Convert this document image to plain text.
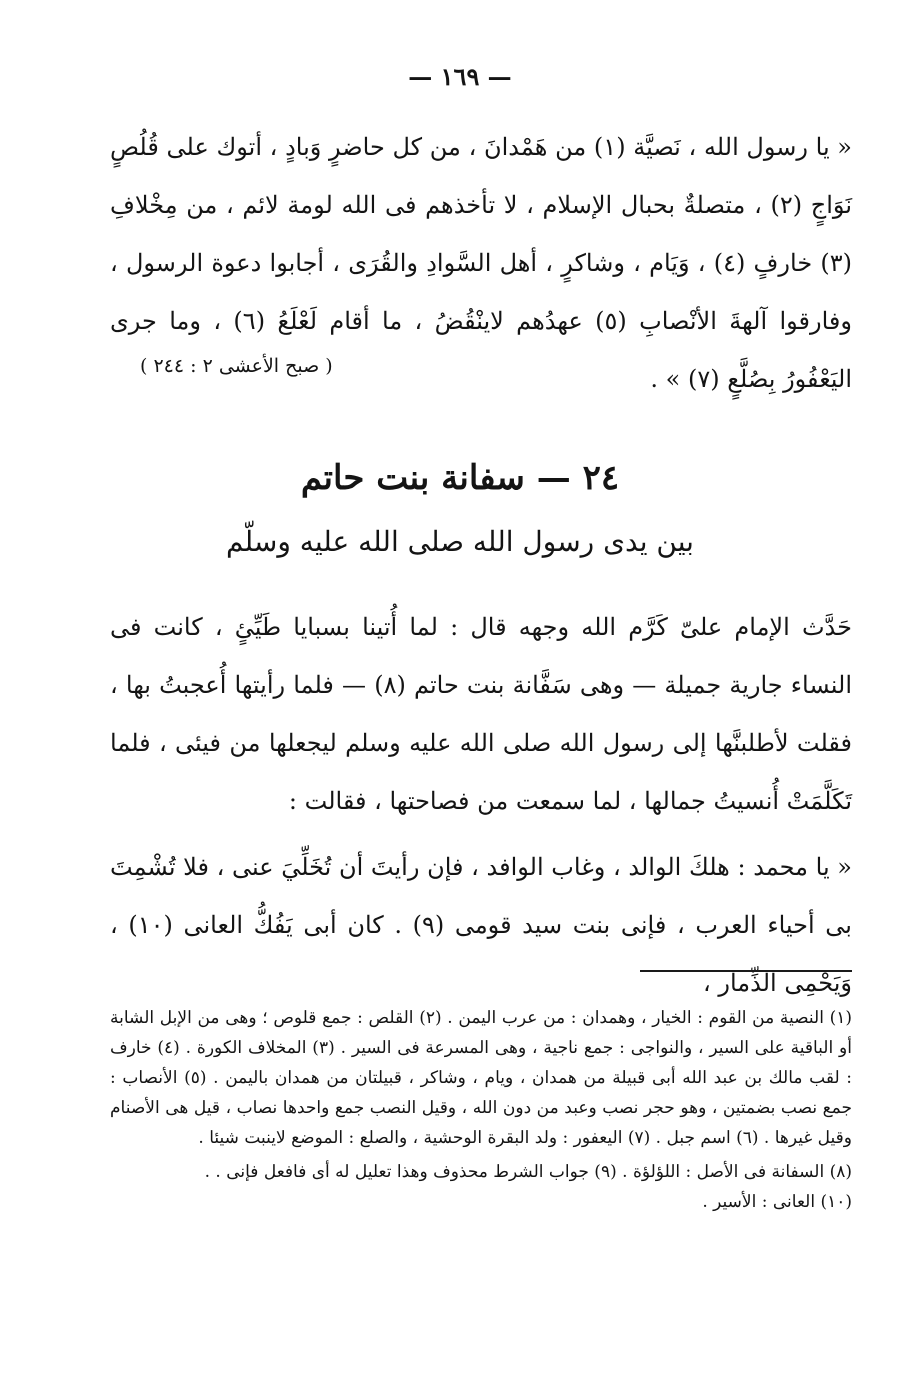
— ١٦٩ —

« يا رسول الله ، نَصيَّة (١) من هَمْدانَ ، من كل حاضرٍ وَبادٍ ، أتوك على قُلُصٍ نَوَاجٍ (٢) ، متصلةٌ بحبال الإسلام ، لا تأخذهم فى الله لومة لائم ، من مِخْلافِ (٣) خارفٍ (٤) ، وَيَام ، وشاكرٍ ، أهل السَّوادِ والقُرَى ، أجابوا دعوة الرسول ، وفارقوا آلهةَ الأنْصابِ (٥) عهدُهم لاينْقُضُ ، ما أقام لَعْلَعُ (٦) ، وما جرى اليَعْفُورُ بِصُلَّعٍ (٧) » .

( صبح الأعشى ٢ : ٢٤٤ )
٢٤ — سفانة بنت حاتم
بين يدى رسول الله صلى الله عليه وسلّم

حَدَّث الإمام علىّ كَرَّم الله وجهه قال : لما أُتينا بسبايا طَيِّئٍ ، كانت فى النساء جارية جميلة — وهى سَفَّانة بنت حاتم (٨) — فلما رأيتها أُعجبتُ بها ، فقلت لأطلبنَّها إلى رسول الله صلى الله عليه وسلم ليجعلها من فيئى ، فلما تَكَلَّمَتْ أُنسيتُ جمالها ، لما سمعت من فصاحتها ، فقالت :

« يا محمد : هلكَ الوالد ، وغاب الوافد ، فإن رأيتَ أن تُخَلِّيَ عنى ، فلا تُشْمِتَ بى أحياء العرب ، فإنى بنت سيد قومى (٩) . كان أبى يَفُكُّ العانى (١٠) ، وَيَحْمِى الذِّمار ،

(١) النصية من القوم : الخيار ، وهمدان : من عرب اليمن . (٢) القلص : جمع قلوص ؛ وهى من الإبل الشابة أو الباقية على السير ، والنواجى : جمع ناجية ، وهى المسرعة فى السير . (٣) المخلاف الكورة . (٤) خارف : لقب مالك بن عبد الله أبى قبيلة من همدان ، ويام ، وشاكر ، قبيلتان من همدان باليمن . (٥) الأنصاب : جمع نصب بضمتين ، وهو حجر نصب وعبد من دون الله ، وقيل النصب جمع واحدها نصاب ، قيل هى الأصنام وقيل غيرها . (٦) اسم جبل . (٧) اليعفور : ولد البقرة الوحشية ، والصلع : الموضع لاينبت شيئا .

(٨) السفانة فى الأصل : اللؤلؤة . (٩) جواب الشرط محذوف وهذا تعليل له أى فافعل فإنى . .

(١٠) العانى : الأسير .
